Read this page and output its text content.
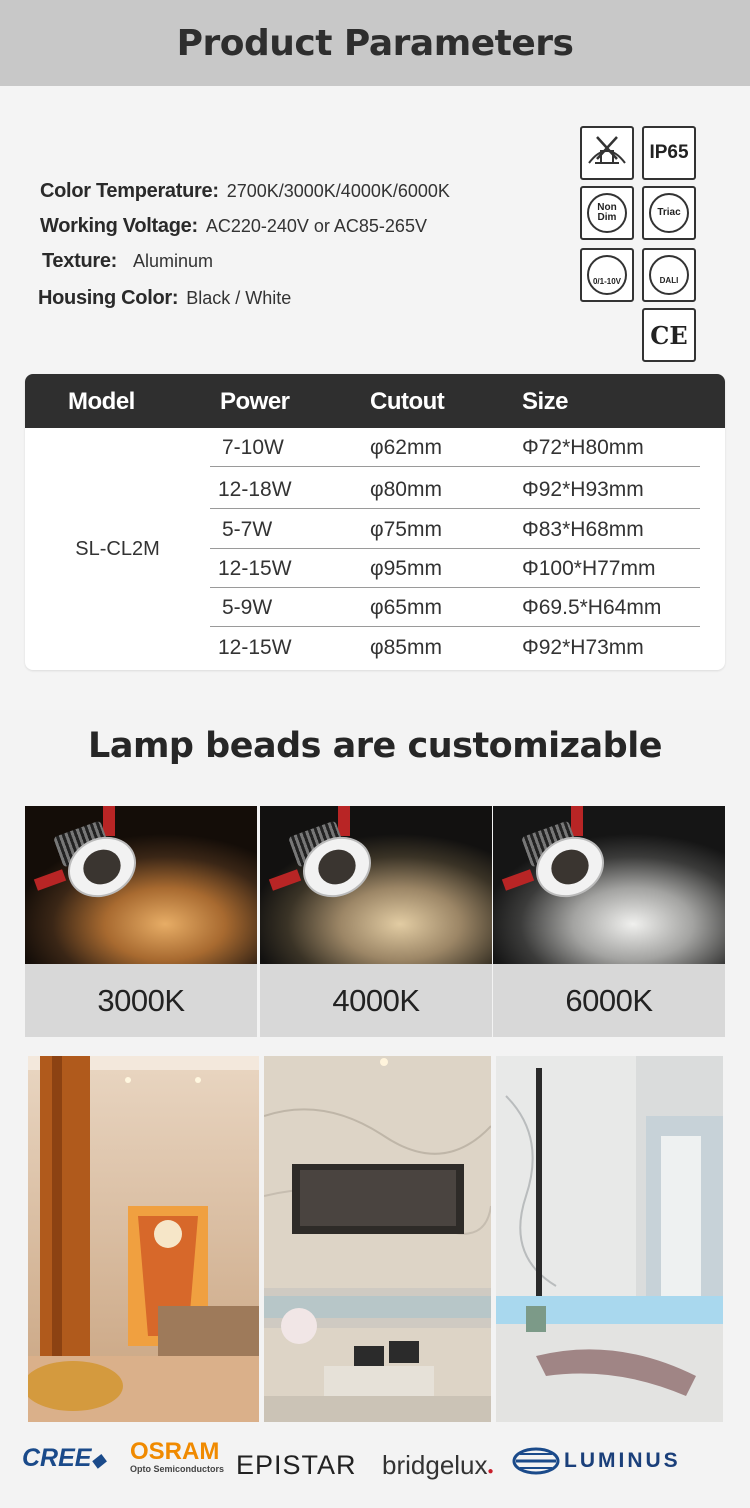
Product Parameters
Color Temperature: 2700K/3000K/4000K/6000K
Working Voltage: AC220-240V or AC85-265V
Texture: Aluminum
Housing Color: Black / White
IP65
Non
Dim	Triac
0/1-10V	DALI
CE
Model	Power	Cutout	Size
SL-CL2M
7-10W	φ62mm	Φ72*H80mm
12-18W	φ80mm	Φ92*H93mm
5-7W	φ75mm	Φ83*H68mm
12-15W	φ95mm	Φ100*H77mm
5-9W	φ65mm	Φ69.5*H64mm
12-15W	φ85mm	Φ92*H73mm
Lamp beads are customizable
3000K	4000K	6000K
CREE◆ OSRAM
Opto Semiconductors EPISTAR bridgelux●	LUMINUS
